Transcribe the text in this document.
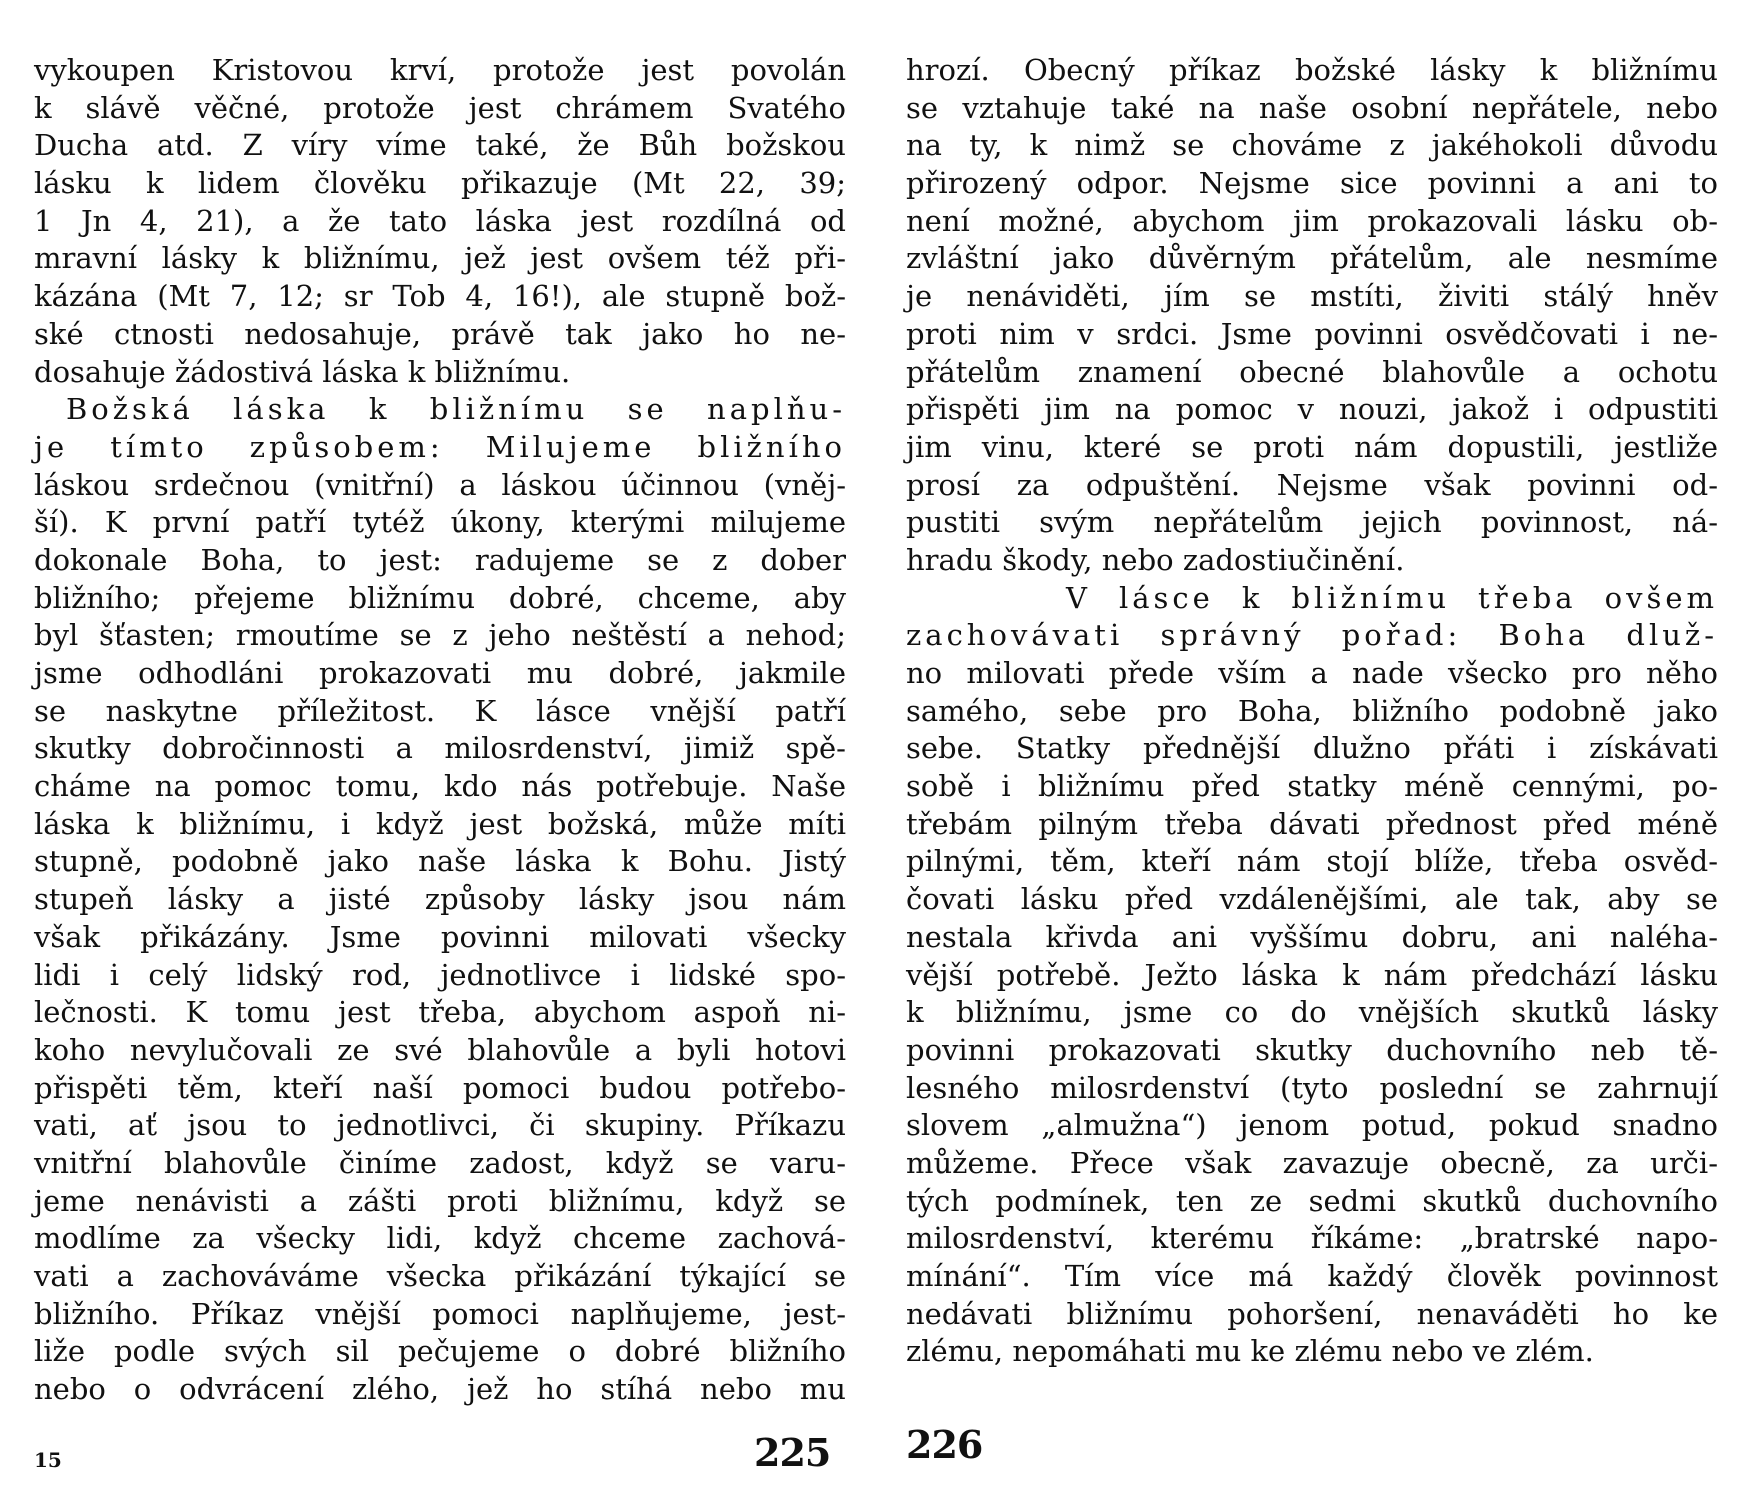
vykoupen Kristovou krví, protože jest povolán
k slávě věčné, protože jest chrámem Svatého
Ducha atd. Z víry víme také, že Bůh božskou
lásku k lidem člověku přikazuje (Mt 22, 39;
1 Jn 4, 21), a že tato láska jest rozdílná od
mravní lásky k bližnímu, jež jest ovšem též při-
kázána (Mt 7, 12; sr Tob 4, 16!), ale stupně bož-
ské ctnosti nedosahuje, právě tak jako ho ne-
dosahuje žádostivá láska k bližnímu.
Božská láska k bližnímu se naplňu-
je tímto způsobem: Milujeme bližního
láskou srdečnou (vnitřní) a láskou účinnou (vněj-
ší). K první patří tytéž úkony, kterými milujeme
dokonale Boha, to jest: radujeme se z dober
bližního; přejeme bližnímu dobré, chceme, aby
byl šťasten; rmoutíme se z jeho neštěstí a nehod;
jsme odhodláni prokazovati mu dobré, jakmile
se naskytne příležitost. K lásce vnější patří
skutky dobročinnosti a milosrdenství, jimiž spě-
cháme na pomoc tomu, kdo nás potřebuje. Naše
láska k bližnímu, i když jest božská, může míti
stupně, podobně jako naše láska k Bohu. Jistý
stupeň lásky a jisté způsoby lásky jsou nám
však přikázány. Jsme povinni milovati všecky
lidi i celý lidský rod, jednotlivce i lidské spo-
lečnosti. K tomu jest třeba, abychom aspoň ni-
koho nevylučovali ze své blahovůle a byli hotovi
přispěti těm, kteří naší pomoci budou potřebo-
vati, ať jsou to jednotlivci, či skupiny. Příkazu
vnitřní blahovůle činíme zadost, když se varu-
jeme nenávisti a zášti proti bližnímu, když se
modlíme za všecky lidi, když chceme zachová-
vati a zachováváme všecka přikázání týkající se
bližního. Příkaz vnější pomoci naplňujeme, jest-
liže podle svých sil pečujeme o dobré bližního
nebo o odvrácení zlého, jež ho stíhá nebo mu
hrozí. Obecný příkaz božské lásky k bližnímu
se vztahuje také na naše osobní nepřátele, nebo
na ty, k nimž se chováme z jakéhokoli důvodu
přirozený odpor. Nejsme sice povinni a ani to
není možné, abychom jim prokazovali lásku ob-
zvláštní jako důvěrným přátelům, ale nesmíme
je nenáviděti, jím se mstíti, živiti stálý hněv
proti nim v srdci. Jsme povinni osvědčovati i ne-
přátelům znamení obecné blahovůle a ochotu
přispěti jim na pomoc v nouzi, jakož i odpustiti
jim vinu, které se proti nám dopustili, jestliže
prosí za odpuštění. Nejsme však povinni od-
pustiti svým nepřátelům jejich povinnost, ná-
hradu škody, nebo zadostiučinění.
V lásce k bližnímu třeba ovšem
zachovávati správný pořad: Boha dluž-
no milovati přede vším a nade všecko pro něho
samého, sebe pro Boha, bližního podobně jako
sebe. Statky přednější dlužno přáti i získávati
sobě i bližnímu před statky méně cennými, po-
třebám pilným třeba dávati přednost před méně
pilnými, těm, kteří nám stojí blíže, třeba osvěd-
čovati lásku před vzdálenějšími, ale tak, aby se
nestala křivda ani vyššímu dobru, ani naléha-
vější potřebě. Ježto láska k nám předchází lásku
k bližnímu, jsme co do vnějších skutků lásky
povinni prokazovati skutky duchovního neb tě-
lesného milosrdenství (tyto poslední se zahrnují
slovem „almužna“) jenom potud, pokud snadno
můžeme. Přece však zavazuje obecně, za urči-
tých podmínek, ten ze sedmi skutků duchovního
milosrdenství, kterému říkáme: „bratrské napo-
mínání“. Tím více má každý člověk povinnost
nedávati bližnímu pohoršení, nenaváděti ho ke
zlému, nepomáhati mu ke zlému nebo ve zlém.
15	225 226
